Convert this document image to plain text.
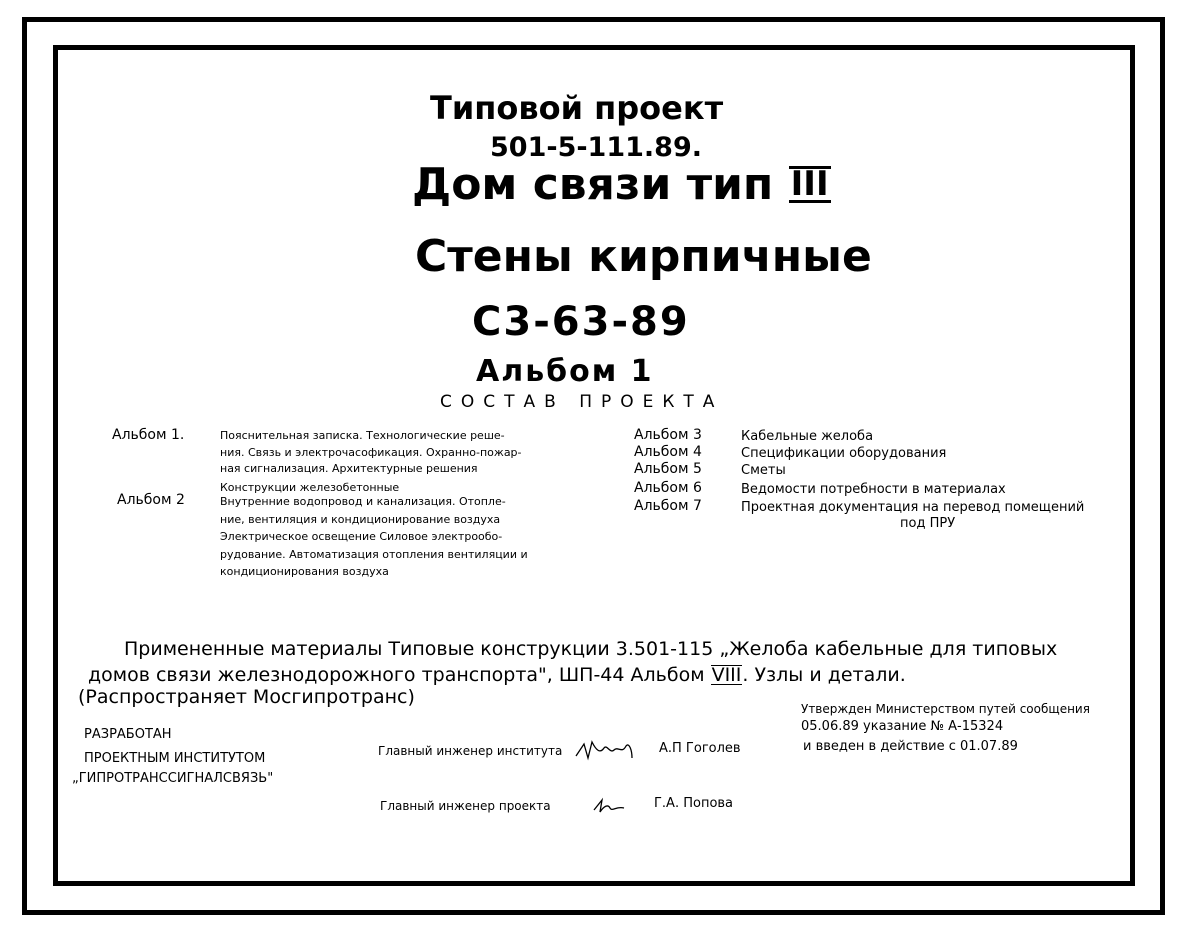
Типовой проект
501-5-111.89.
Дом связи тип III
Стены кирпичные
С3-63-89
Альбом 1
СОСТАВ ПРОЕКТА
Альбом 1.	Пояснительная записка. Технологические реше-
ния. Связь и электрочасофикация. Охранно-пожар-
ная сигнализация. Архитектурные решения
Конструкции железобетонные
Альбом 2	Внутренние водопровод и канализация. Отопле-
ние, вентиляция и кондиционирование воздуха
Электрическое освещение Силовое электрообо-
рудование. Автоматизация отопления вентиляции и
кондиционирования воздуха
Альбом 3	Кабельные желоба
Альбом 4	Спецификации оборудования
Альбом 5	Сметы
Альбом 6	Ведомости потребности в материалах
Альбом 7	Проектная документация на перевод помещений
под ПРУ
Примененные материалы Типовые конструкции 3.501-115 „Желоба кабельные для типовых
домов связи железнодорожного транспорта", ШП-44 Альбом VIII. Узлы и детали.
(Распространяет Мосгипротранс)
РАЗРАБОТАН
ПРОЕКТНЫМ ИНСТИТУТОМ
„ГИПРОТРАНССИГНАЛСВЯЗЬ"
Главный инженер института	А.П Гоголев
Главный инженер проекта	Г.А. Попова
Утвержден Министерством путей сообщения
05.06.89 указание № А-15324
и введен в действие с 01.07.89
